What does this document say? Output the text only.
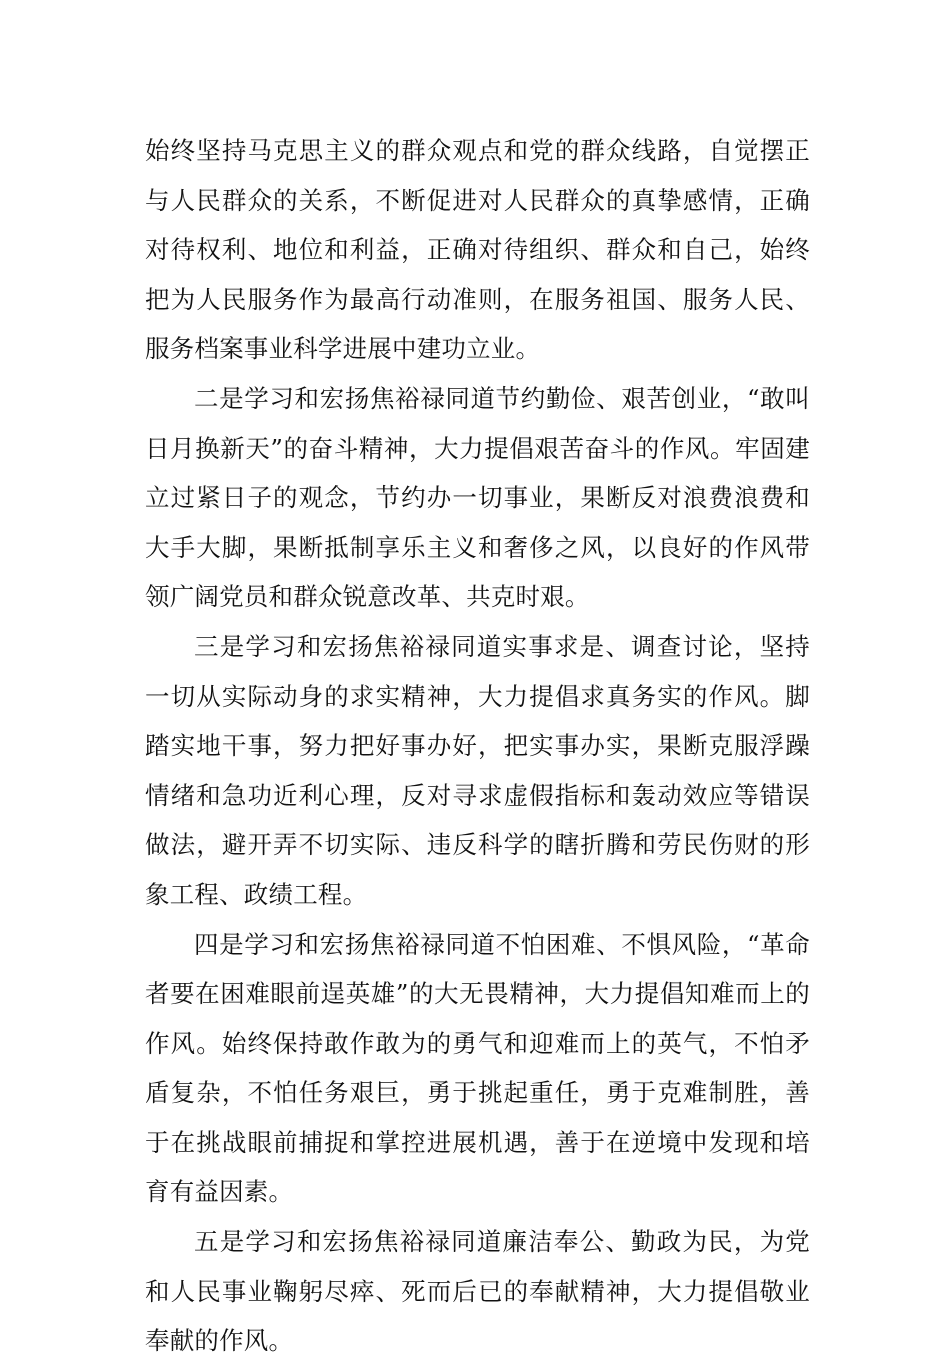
始终坚持马克思主义的群众观点和党的群众线路，自觉摆正与人民群众的关系，不断促进对人民群众的真挚感情，正确对待权利、地位和利益，正确对待组织、群众和自己，始终把为人民服务作为最高行动准则，在服务祖国、服务人民、服务档案事业科学进展中建功立业。

二是学习和宏扬焦裕禄同道节约勤俭、艰苦创业，“敢叫日月换新天”的奋斗精神，大力提倡艰苦奋斗的作风。牢固建立过紧日子的观念，节约办一切事业，果断反对浪费浪费和大手大脚，果断抵制享乐主义和奢侈之风，以良好的作风带领广阔党员和群众锐意改革、共克时艰。

三是学习和宏扬焦裕禄同道实事求是、调查讨论，坚持一切从实际动身的求实精神，大力提倡求真务实的作风。脚踏实地干事，努力把好事办好，把实事办实，果断克服浮躁情绪和急功近利心理，反对寻求虚假指标和轰动效应等错误做法，避开弄不切实际、违反科学的瞎折腾和劳民伤财的形象工程、政绩工程。

四是学习和宏扬焦裕禄同道不怕困难、不惧风险，“革命者要在困难眼前逞英雄”的大无畏精神，大力提倡知难而上的作风。始终保持敢作敢为的勇气和迎难而上的英气，不怕矛盾复杂，不怕任务艰巨，勇于挑起重任，勇于克难制胜，善于在挑战眼前捕捉和掌控进展机遇，善于在逆境中发现和培育有益因素。

五是学习和宏扬焦裕禄同道廉洁奉公、勤政为民，为党和人民事业鞠躬尽瘁、死而后已的奉献精神，大力提倡敬业奉献的作风。
